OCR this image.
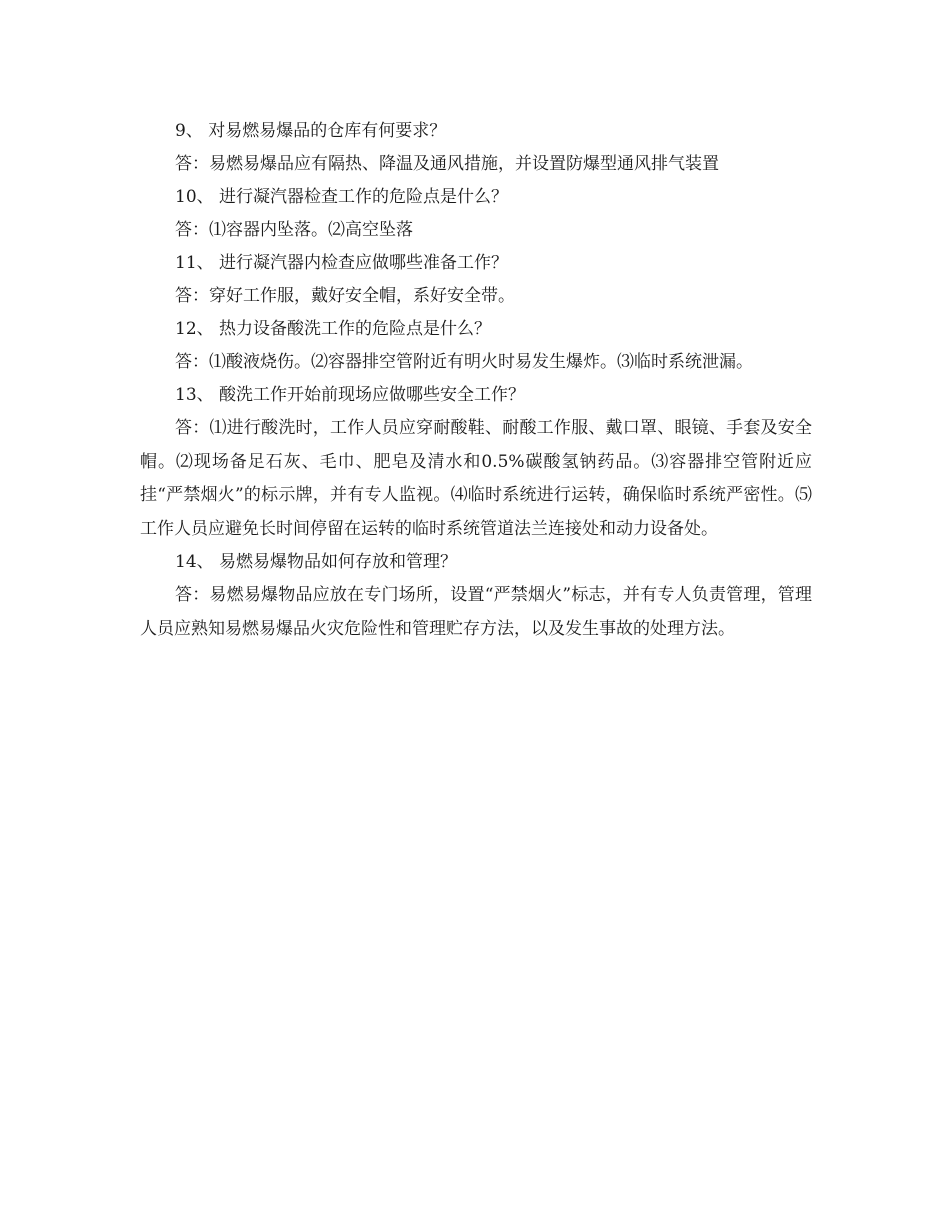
9、 对易燃易爆品的仓库有何要求？
答：易燃易爆品应有隔热、降温及通风措施，并设置防爆型通风排气装置
10、 进行凝汽器检查工作的危险点是什么？
答：⑴容器内坠落。⑵高空坠落
11、 进行凝汽器内检查应做哪些准备工作？
答：穿好工作服，戴好安全帽，系好安全带。
12、 热力设备酸洗工作的危险点是什么？
答：⑴酸液烧伤。⑵容器排空管附近有明火时易发生爆炸。⑶临时系统泄漏。
13、 酸洗工作开始前现场应做哪些安全工作？

答：⑴进行酸洗时，工作人员应穿耐酸鞋、耐酸工作服、戴口罩、眼镜、手套及安全帽。⑵现场备足石灰、毛巾、肥皂及清水和0.5%碳酸氢钠药品。⑶容器排空管附近应挂“严禁烟火”的标示牌，并有专人监视。⑷临时系统进行运转，确保临时系统严密性。⑸工作人员应避免长时间停留在运转的临时系统管道法兰连接处和动力设备处。

14、 易燃易爆物品如何存放和管理？

答：易燃易爆物品应放在专门场所，设置“严禁烟火”标志，并有专人负责管理，管理人员应熟知易燃易爆品火灾危险性和管理贮存方法，以及发生事故的处理方法。
